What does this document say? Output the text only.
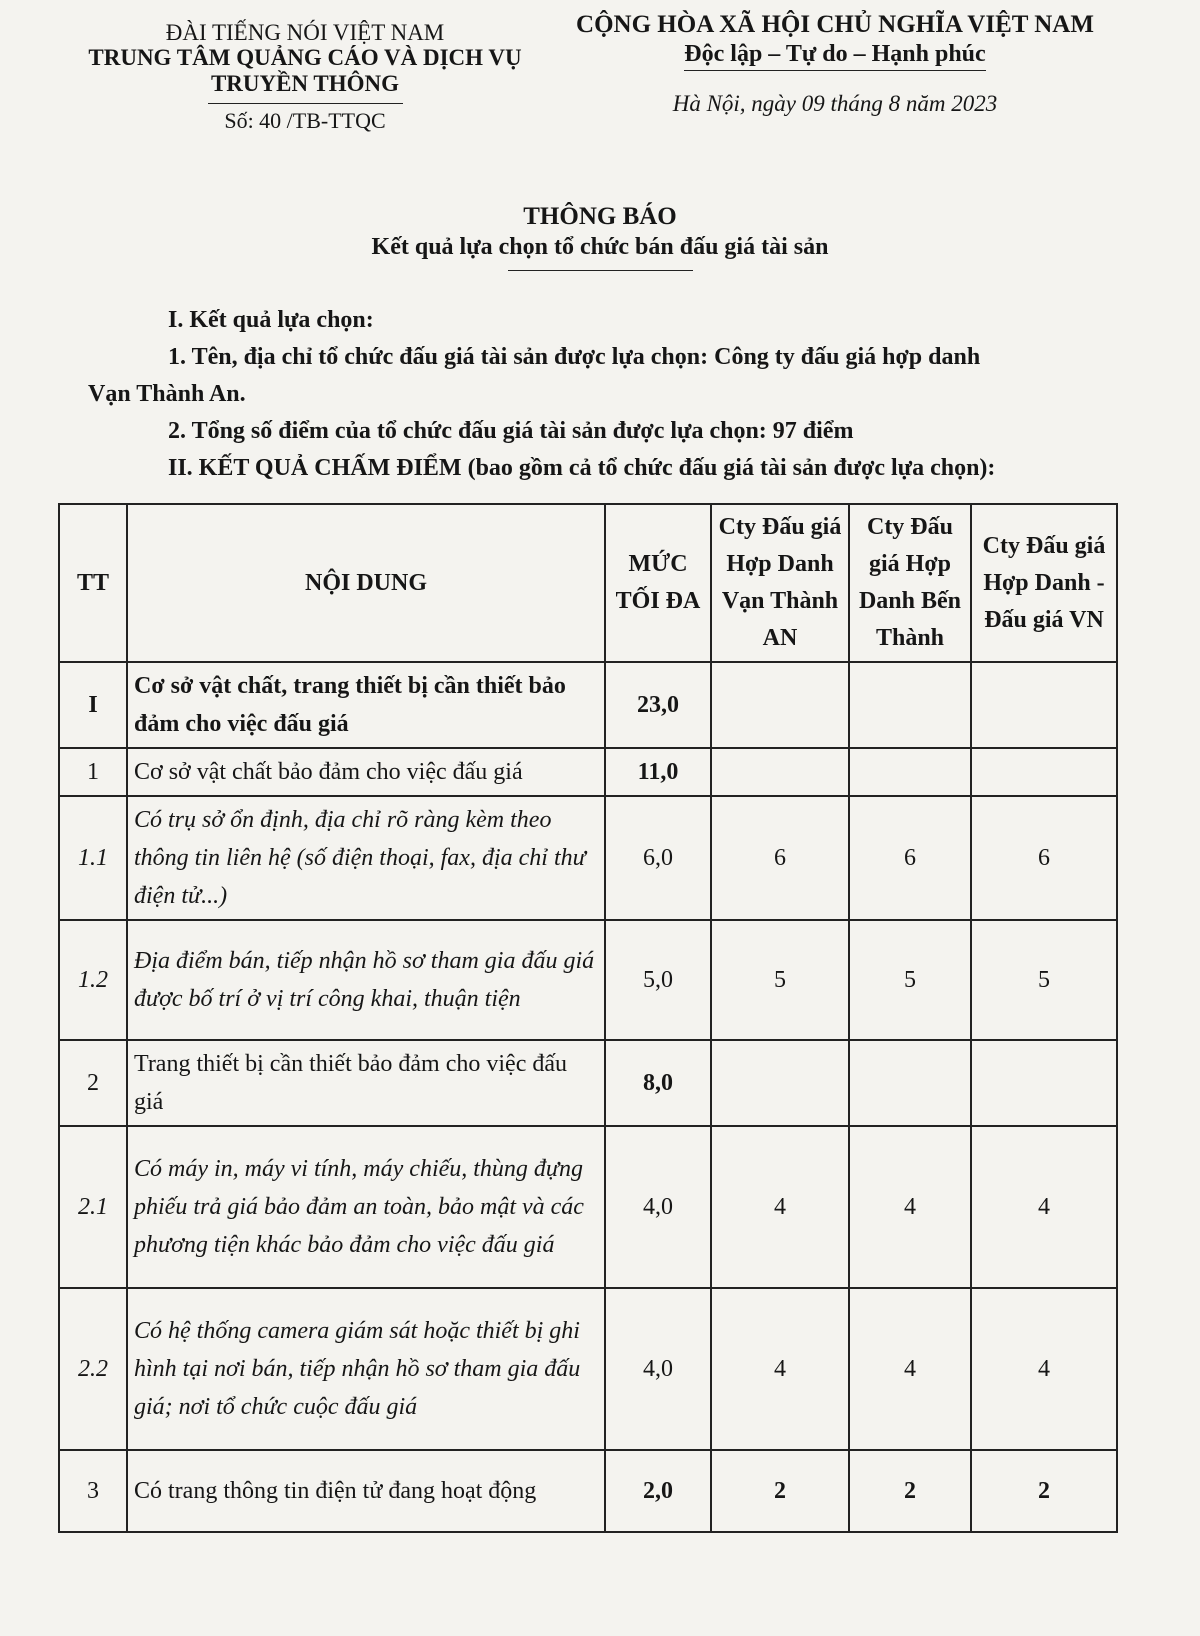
ĐÀI TIẾNG NÓI VIỆT NAM
TRUNG TÂM QUẢNG CÁO VÀ DỊCH VỤ
TRUYỀN THÔNG
Số: 40 /TB-TTQC
CỘNG HÒA XÃ HỘI CHỦ NGHĨA VIỆT NAM
Độc lập – Tự do – Hạnh phúc
Hà Nội, ngày 09 tháng 8 năm 2023
THÔNG BÁO
Kết quả lựa chọn tổ chức bán đấu giá tài sản

I. Kết quả lựa chọn:

1. Tên, địa chỉ tổ chức đấu giá tài sản được lựa chọn: Công ty đấu giá hợp danh

Vạn Thành An.

2. Tổng số điểm của tổ chức đấu giá tài sản được lựa chọn: 97 điểm

II. KẾT QUẢ CHẤM ĐIỂM (bao gồm cả tổ chức đấu giá tài sản được lựa chọn):

TT	NỘI DUNG	MỨC TỐI ĐA	Cty Đấu giá Hợp Danh Vạn Thành AN	Cty Đấu giá Hợp Danh Bến Thành	Cty Đấu giá Hợp Danh - Đấu giá VN
I	Cơ sở vật chất, trang thiết bị cần thiết bảo đảm cho việc đấu giá	23,0			
1	Cơ sở vật chất bảo đảm cho việc đấu giá	11,0			
1.1	Có trụ sở ổn định, địa chỉ rõ ràng kèm theo thông tin liên hệ (số điện thoại, fax, địa chỉ thư điện tử...)	6,0	6	6	6
1.2	Địa điểm bán, tiếp nhận hồ sơ tham gia đấu giá được bố trí ở vị trí công khai, thuận tiện	5,0	5	5	5
2	Trang thiết bị cần thiết bảo đảm cho việc đấu giá	8,0			
2.1	Có máy in, máy vi tính, máy chiếu, thùng đựng phiếu trả giá bảo đảm an toàn, bảo mật và các phương tiện khác bảo đảm cho việc đấu giá	4,0	4	4	4
2.2	Có hệ thống camera giám sát hoặc thiết bị ghi hình tại nơi bán, tiếp nhận hồ sơ tham gia đấu giá; nơi tổ chức cuộc đấu giá	4,0	4	4	4
3	Có trang thông tin điện tử đang hoạt động	2,0	2	2	2
